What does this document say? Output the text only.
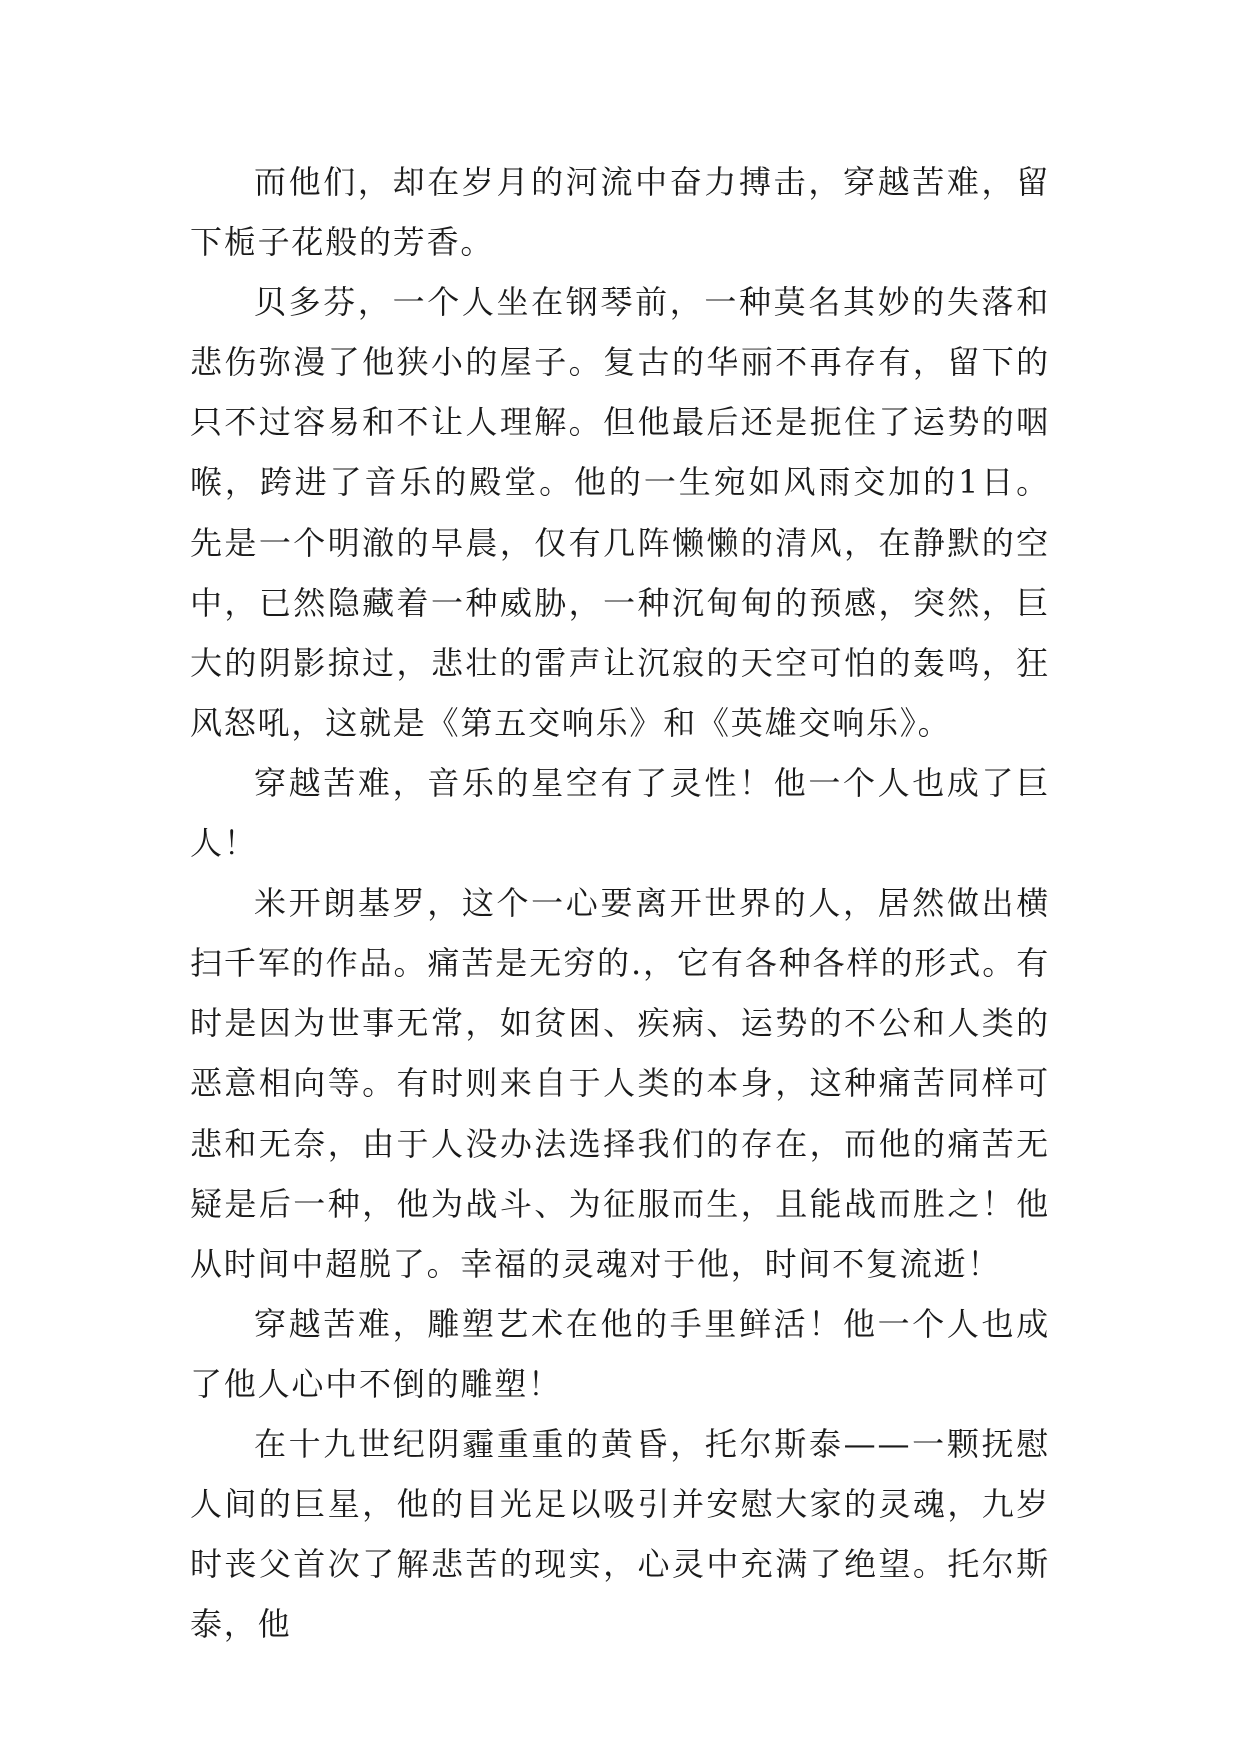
而他们，却在岁月的河流中奋力搏击，穿越苦难，留下栀子花般的芳香。

贝多芬，一个人坐在钢琴前，一种莫名其妙的失落和悲伤弥漫了他狭小的屋子。复古的华丽不再存有，留下的只不过容易和不让人理解。但他最后还是扼住了运势的咽喉，跨进了音乐的殿堂。他的一生宛如风雨交加的1日。先是一个明澈的早晨，仅有几阵懒懒的清风，在静默的空中，已然隐藏着一种威胁，一种沉甸甸的预感，突然，巨大的阴影掠过，悲壮的雷声让沉寂的天空可怕的轰鸣，狂风怒吼，这就是《第五交响乐》和《英雄交响乐》。

穿越苦难，音乐的星空有了灵性！他一个人也成了巨人！

米开朗基罗，这个一心要离开世界的人，居然做出横扫千军的作品。痛苦是无穷的.，它有各种各样的形式。有时是因为世事无常，如贫困、疾病、运势的不公和人类的恶意相向等。有时则来自于人类的本身，这种痛苦同样可悲和无奈，由于人没办法选择我们的存在，而他的痛苦无疑是后一种，他为战斗、为征服而生，且能战而胜之！他从时间中超脱了。幸福的灵魂对于他，时间不复流逝！

穿越苦难，雕塑艺术在他的手里鲜活！他一个人也成了他人心中不倒的雕塑！

在十九世纪阴霾重重的黄昏，托尔斯泰——一颗抚慰人间的巨星，他的目光足以吸引并安慰大家的灵魂，九岁时丧父首次了解悲苦的现实，心灵中充满了绝望。托尔斯泰，他
